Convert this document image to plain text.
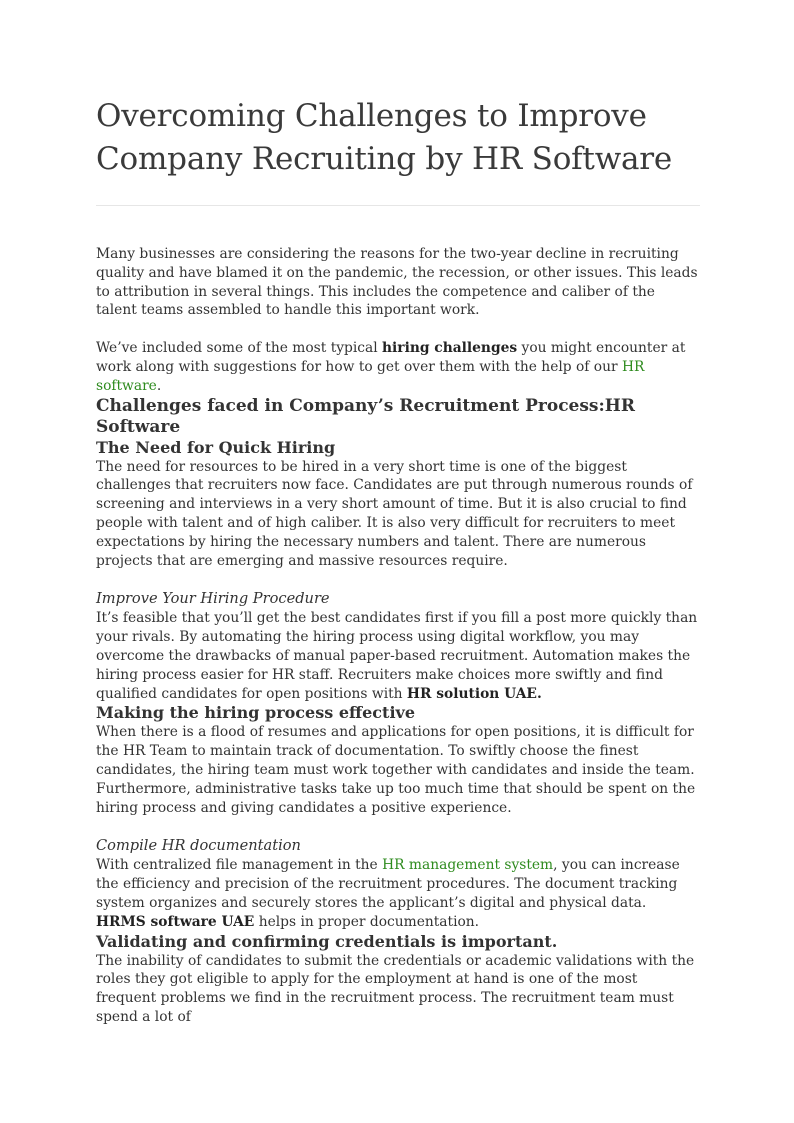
Overcoming Challenges to Improve Company Recruiting by HR Software

Many businesses are considering the reasons for the two-year decline in recruiting quality and have blamed it on the pandemic, the recession, or other issues. This leads to attribution in several things. This includes the competence and caliber of the talent teams assembled to handle this important work.

We’ve included some of the most typical hiring challenges you might encounter at work along with suggestions for how to get over them with the help of our HR software.

Challenges faced in Company’s Recruitment Process:HR Software
The Need for Quick Hiring

The need for resources to be hired in a very short time is one of the biggest challenges that recruiters now face. Candidates are put through numerous rounds of screening and interviews in a very short amount of time. But it is also crucial to find people with talent and of high caliber. It is also very difficult for recruiters to meet expectations by hiring the necessary numbers and talent. There are numerous projects that are emerging and massive resources require.

Improve Your Hiring Procedure

It’s feasible that you’ll get the best candidates first if you fill a post more quickly than your rivals. By automating the hiring process using digital workflow, you may overcome the drawbacks of manual paper-based recruitment. Automation makes the hiring process easier for HR staff. Recruiters make choices more swiftly and find qualified candidates for open positions with HR solution UAE.

Making the hiring process effective

When there is a flood of resumes and applications for open positions, it is difficult for the HR Team to maintain track of documentation. To swiftly choose the finest candidates, the hiring team must work together with candidates and inside the team. Furthermore, administrative tasks take up too much time that should be spent on the hiring process and giving candidates a positive experience.

Compile HR documentation

With centralized file management in the HR management system, you can increase the efficiency and precision of the recruitment procedures. The document tracking system organizes and securely stores the applicant’s digital and physical data. HRMS software UAE helps in proper documentation.

Validating and confirming credentials is important.

The inability of candidates to submit the credentials or academic validations with the roles they got eligible to apply for the employment at hand is one of the most frequent problems we find in the recruitment process. The recruitment team must spend a lot of
